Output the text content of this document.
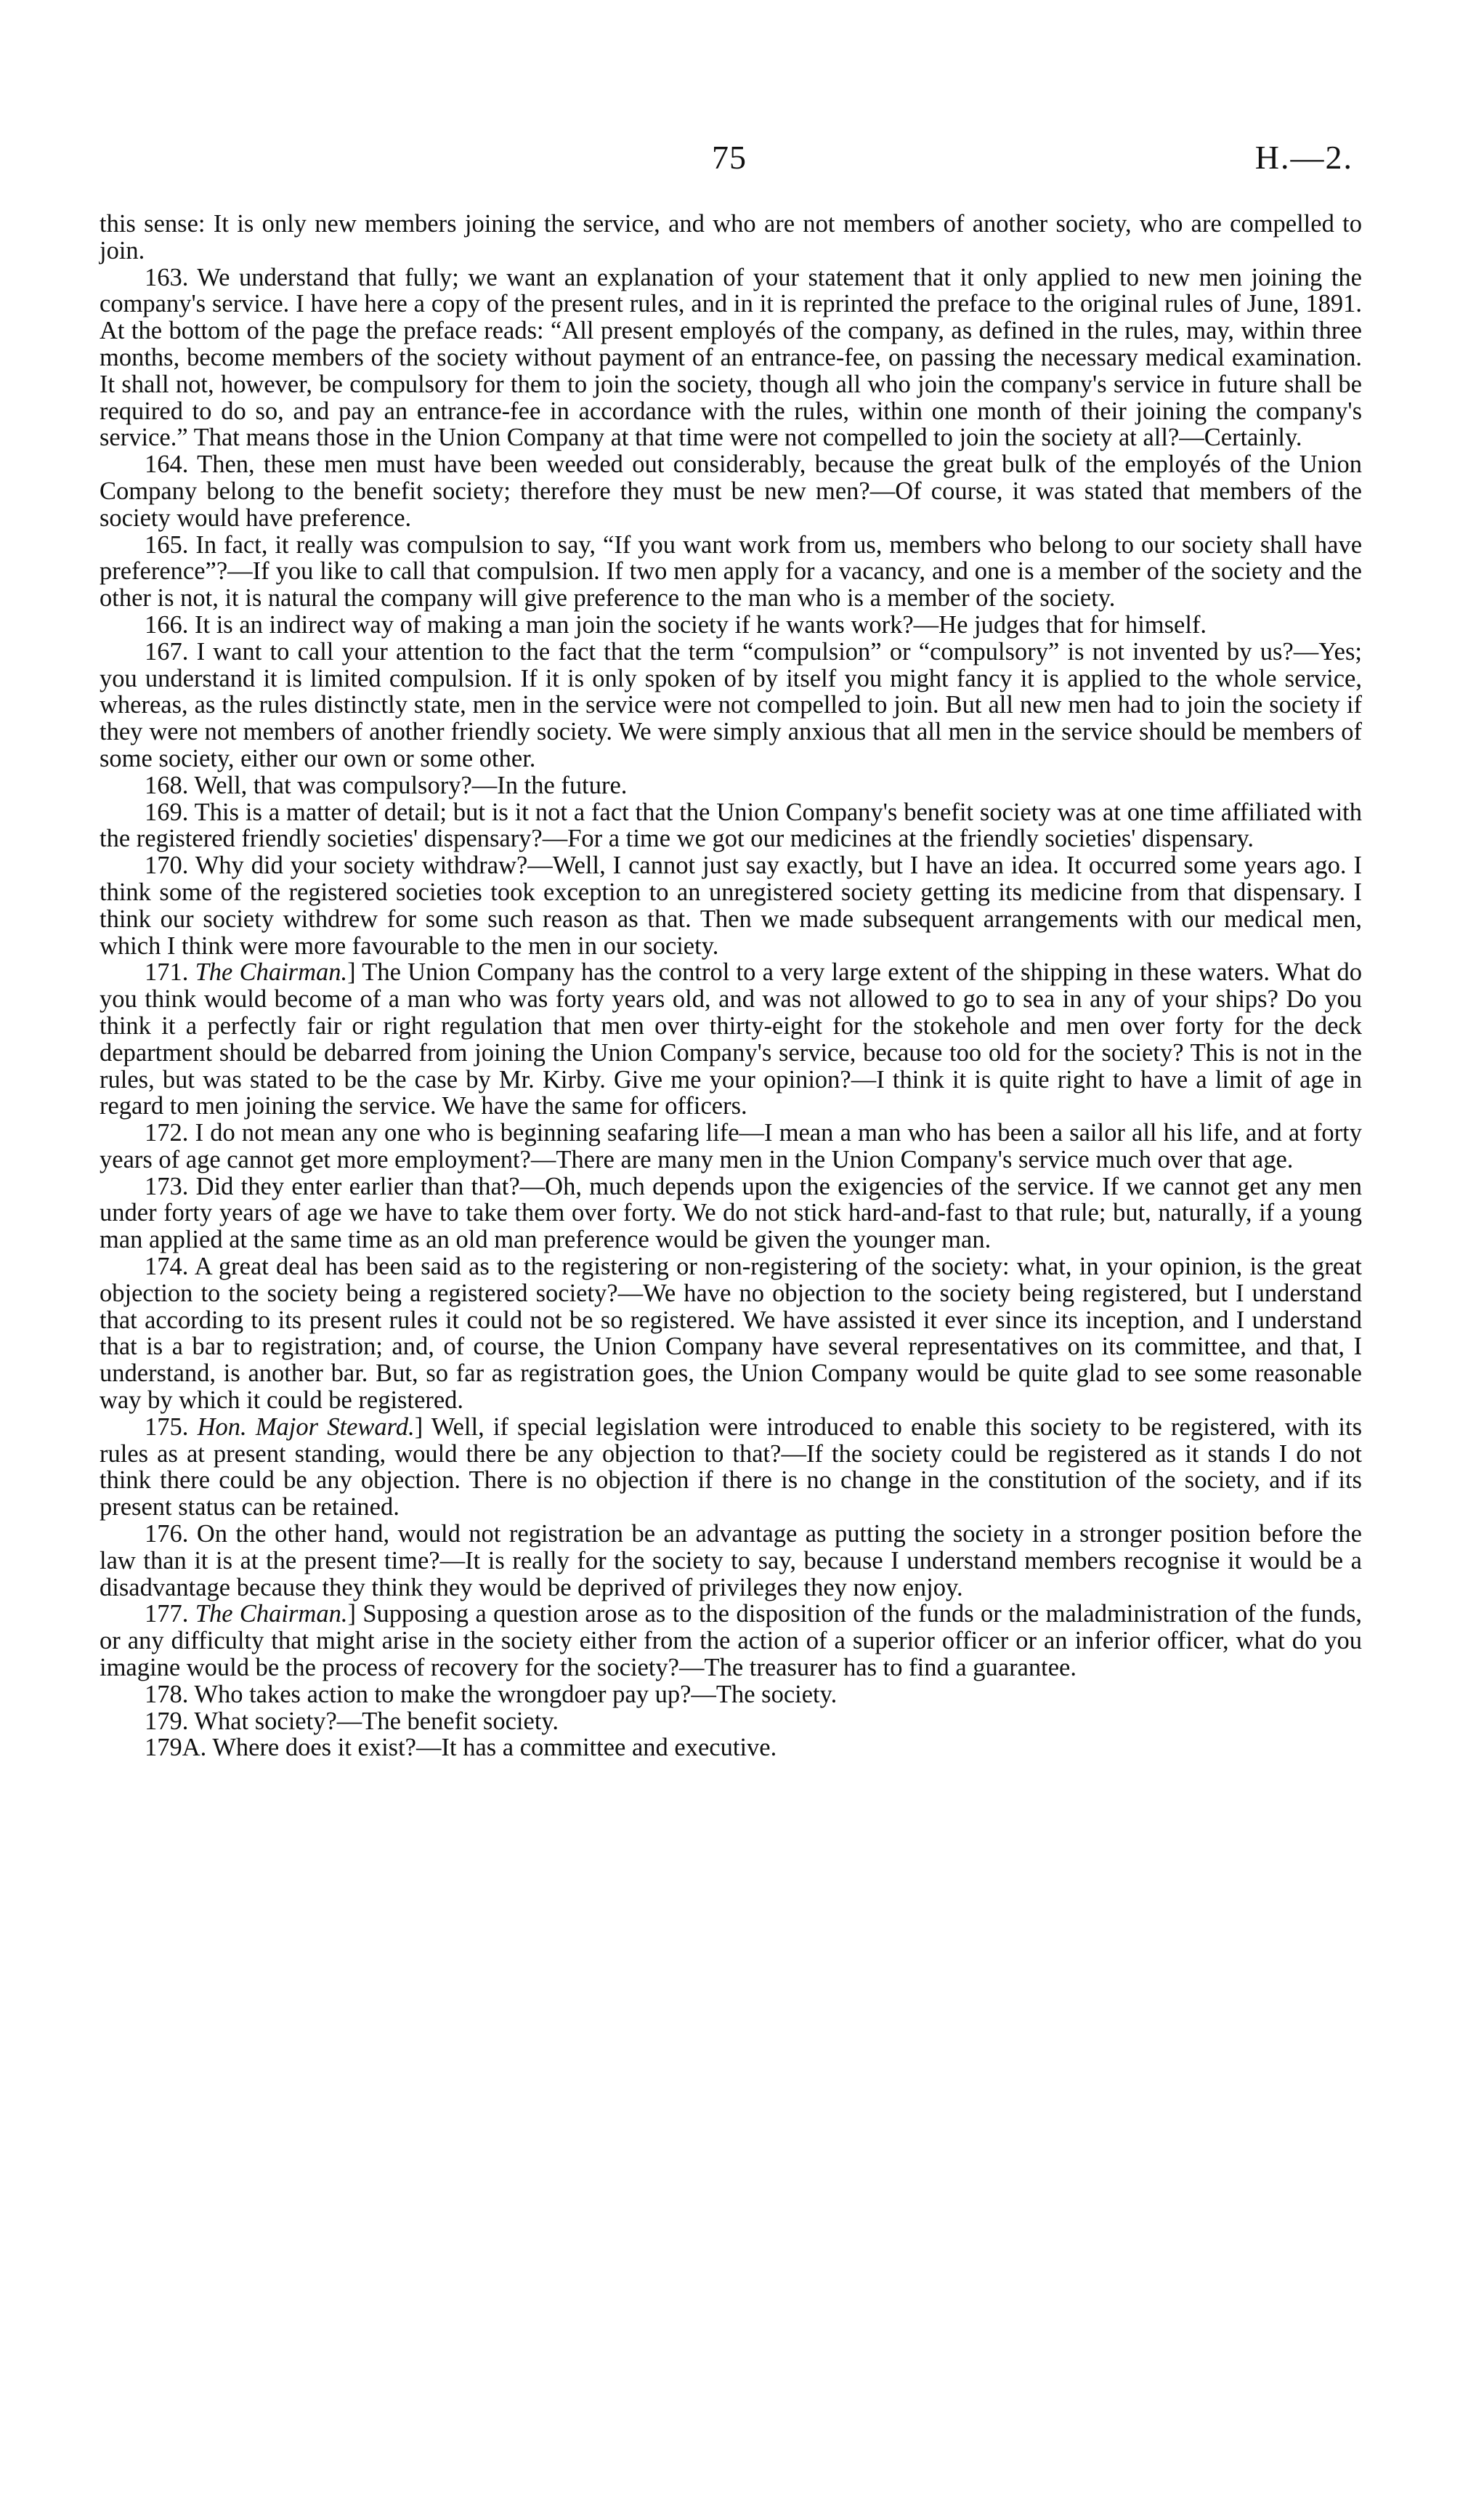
75	H.—2.

this sense: It is only new members joining the service, and who are not members of another society, who are compelled to join.

163. We understand that fully; we want an explanation of your statement that it only applied to new men joining the company's service. I have here a copy of the present rules, and in it is reprinted the preface to the original rules of June, 1891. At the bottom of the page the preface reads: “All present employés of the company, as defined in the rules, may, within three months, become members of the society without payment of an entrance-fee, on passing the necessary medical examination. It shall not, however, be compulsory for them to join the society, though all who join the company's service in future shall be required to do so, and pay an entrance-fee in accordance with the rules, within one month of their joining the company's service.” That means those in the Union Company at that time were not compelled to join the society at all?—Certainly.

164. Then, these men must have been weeded out considerably, because the great bulk of the employés of the Union Company belong to the benefit society; therefore they must be new men?—Of course, it was stated that members of the society would have preference.

165. In fact, it really was compulsion to say, “If you want work from us, members who belong to our society shall have preference”?—If you like to call that compulsion. If two men apply for a vacancy, and one is a member of the society and the other is not, it is natural the company will give preference to the man who is a member of the society.

166. It is an indirect way of making a man join the society if he wants work?—He judges that for himself.

167. I want to call your attention to the fact that the term “compulsion” or “compulsory” is not invented by us?—Yes; you understand it is limited compulsion. If it is only spoken of by itself you might fancy it is applied to the whole service, whereas, as the rules distinctly state, men in the service were not compelled to join. But all new men had to join the society if they were not members of another friendly society. We were simply anxious that all men in the service should be members of some society, either our own or some other.

168. Well, that was compulsory?—In the future.

169. This is a matter of detail; but is it not a fact that the Union Company's benefit society was at one time affiliated with the registered friendly societies' dispensary?—For a time we got our medicines at the friendly societies' dispensary.

170. Why did your society withdraw?—Well, I cannot just say exactly, but I have an idea. It occurred some years ago. I think some of the registered societies took exception to an unregistered society getting its medicine from that dispensary. I think our society withdrew for some such reason as that. Then we made subsequent arrangements with our medical men, which I think were more favourable to the men in our society.

171. The Chairman.] The Union Company has the control to a very large extent of the shipping in these waters. What do you think would become of a man who was forty years old, and was not allowed to go to sea in any of your ships? Do you think it a perfectly fair or right regulation that men over thirty-eight for the stokehole and men over forty for the deck department should be debarred from joining the Union Company's service, because too old for the society? This is not in the rules, but was stated to be the case by Mr. Kirby. Give me your opinion?—I think it is quite right to have a limit of age in regard to men joining the service. We have the same for officers.

172. I do not mean any one who is beginning seafaring life—I mean a man who has been a sailor all his life, and at forty years of age cannot get more employment?—There are many men in the Union Company's service much over that age.

173. Did they enter earlier than that?—Oh, much depends upon the exigencies of the service. If we cannot get any men under forty years of age we have to take them over forty. We do not stick hard-and-fast to that rule; but, naturally, if a young man applied at the same time as an old man preference would be given the younger man.

174. A great deal has been said as to the registering or non-registering of the society: what, in your opinion, is the great objection to the society being a registered society?—We have no objection to the society being registered, but I understand that according to its present rules it could not be so registered. We have assisted it ever since its inception, and I understand that is a bar to registration; and, of course, the Union Company have several representatives on its committee, and that, I understand, is another bar. But, so far as registration goes, the Union Company would be quite glad to see some reasonable way by which it could be registered.

175. Hon. Major Steward.] Well, if special legislation were introduced to enable this society to be registered, with its rules as at present standing, would there be any objection to that?—If the society could be registered as it stands I do not think there could be any objection. There is no objection if there is no change in the constitution of the society, and if its present status can be retained.

176. On the other hand, would not registration be an advantage as putting the society in a stronger position before the law than it is at the present time?—It is really for the society to say, because I understand members recognise it would be a disadvantage because they think they would be deprived of privileges they now enjoy.

177. The Chairman.] Supposing a question arose as to the disposition of the funds or the maladministration of the funds, or any difficulty that might arise in the society either from the action of a superior officer or an inferior officer, what do you imagine would be the process of recovery for the society?—The treasurer has to find a guarantee.

178. Who takes action to make the wrongdoer pay up?—The society.

179. What society?—The benefit society.

179A. Where does it exist?—It has a committee and executive.
